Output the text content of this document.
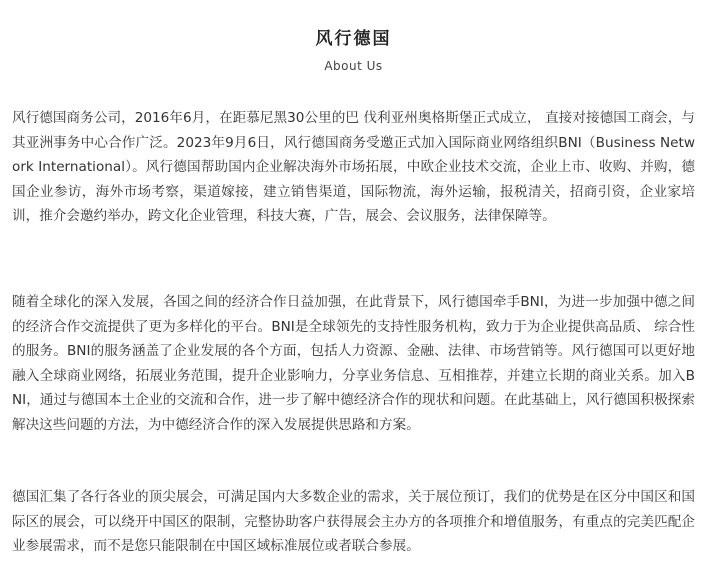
风行德国
About Us

风行德国商务公司，2016年6月，在距慕尼黑30公里的巴 伐利亚州奥格斯堡正式成立， 直接对接德国工商会，与其亚洲事务中心合作广泛。2023年9月6日，风行德国商务受邀正式加入国际商业网络组织BNI（Business Network International）。风行德国帮助国内企业解决海外市场拓展，中欧企业技术交流，企业上市、收购、并购，德国企业参访，海外市场考察，渠道嫁接，建立销售渠道，国际物流，海外运输，报税清关，招商引资，企业家培训，推介会邀约举办，跨文化企业管理，科技大赛，广告，展会、会议服务，法律保障等。

随着全球化的深入发展，各国之间的经济合作日益加强，在此背景下，风行德国牵手BNI，为进一步加强中德之间的经济合作交流提供了更为多样化的平台。BNI是全球领先的支持性服务机构，致力于为企业提供高品质、 综合性的服务。BNI的服务涵盖了企业发展的各个方面，包括人力资源、金融、法律、市场营销等。风行德国可以更好地 融入全球商业网络，拓展业务范围，提升企业影响力，分享业务信息、互相推荐，并建立长期的商业关系。加入BNI，通过与德国本土企业的交流和合作，进一步了解中德经济合作的现状和问题。在此基础上，风行德国积极探索 解决这些问题的方法，为中德经济合作的深入发展提供思路和方案。

德国汇集了各行各业的顶尖展会，可满足国内大多数企业的需求，关于展位预订，我们的优势是在区分中国区和国际区的展会，可以绕开中国区的限制，完整协助客户获得展会主办方的各项推介和增值服务，有重点的完美匹配企业参展需求，而不是您只能限制在中国区域标准展位或者联合参展。
